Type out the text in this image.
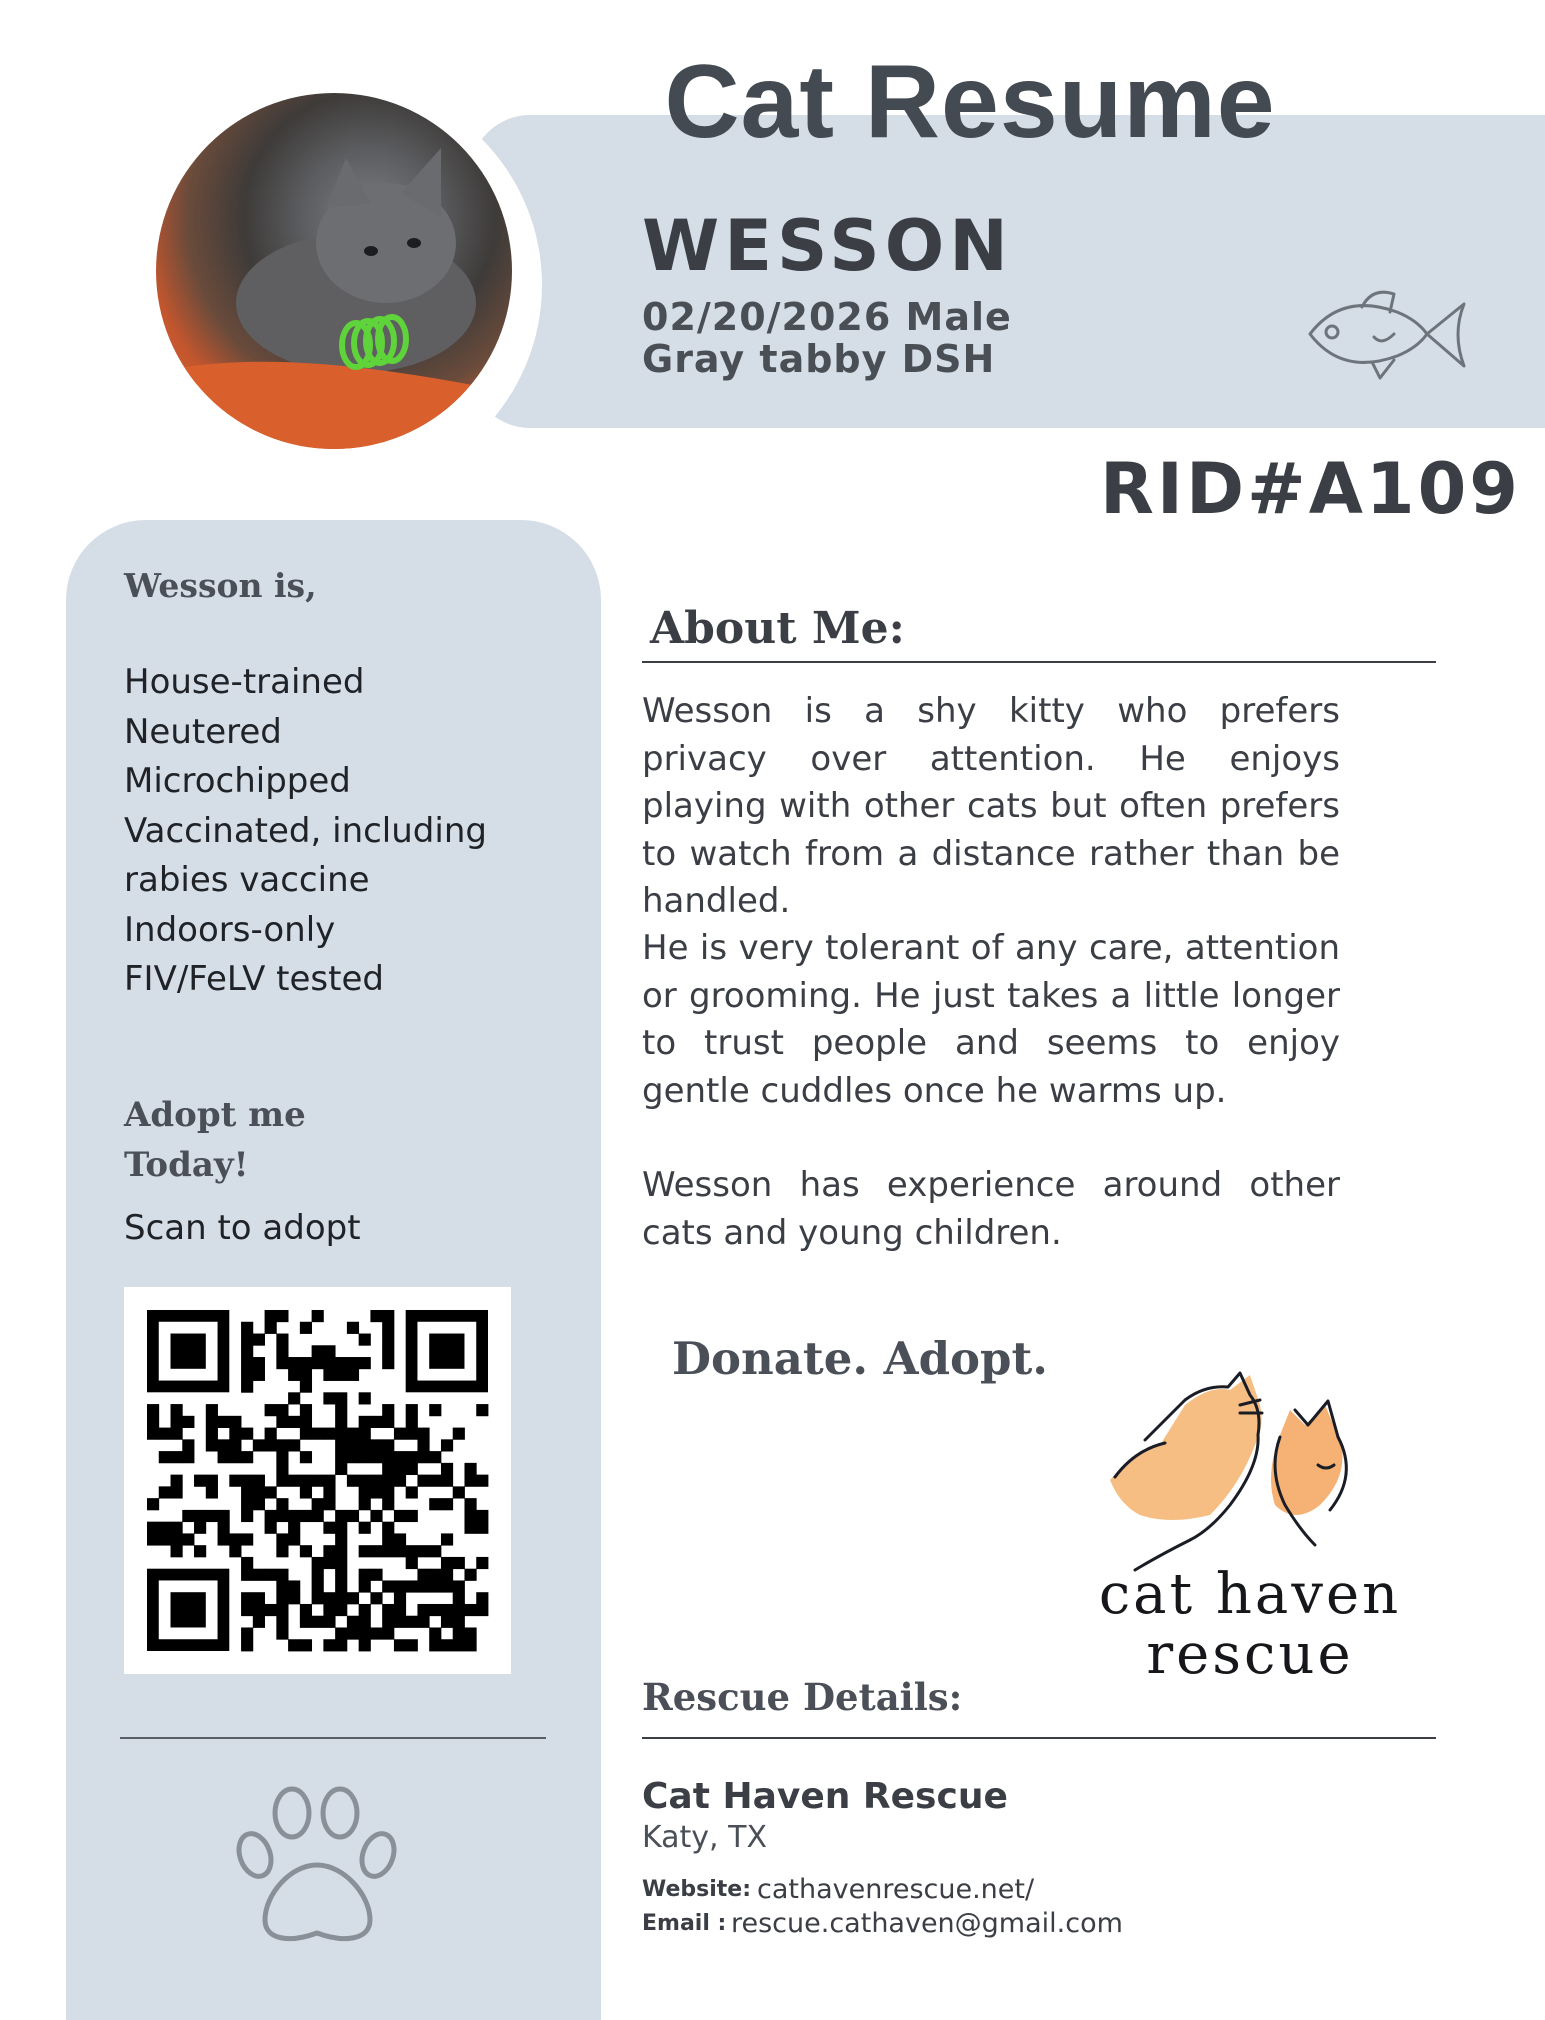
Cat Resume
WESSON
02/20/2026 Male
Gray tabby DSH
RID#A109
Wesson is,
House-trained
Neutered
Microchipped
Vaccinated, including
rabies vaccine
Indoors-only
FIV/FeLV tested
Adopt me Today!
Scan to adopt
About Me:

Wesson is a shy kitty who prefers privacy over attention. He enjoys playing with other cats but often prefers to watch from a distance rather than be handled.

He is very tolerant of any care, attention or grooming. He just takes a little longer to trust people and seems to enjoy gentle cuddles once he warms up.

Wesson has experience around other cats and young children.

Donate. Adopt.
cat haven
rescue
Rescue Details:
Cat Haven Rescue
Katy, TX
Website: cathavenrescue.net/
Email : rescue.cathaven@gmail.com
